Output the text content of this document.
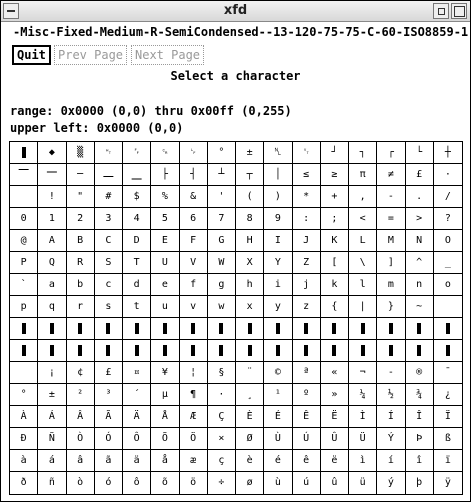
xfd
-Misc-Fixed-Medium-R-SemiCondensed--13-120-75-75-C-60-ISO8859-1
Quit	Prev Page Next Page
Select a character
range: 0x0000 (0,0) thru 0x00ff (0,255)
upper left: 0x0000 (0,0)
◆ ▒ ␉ ␌ ␍ ␊ ° ± ␤ ␋ ┘ ┐ ┌ └ ┼
⎺ ⎻ ─ ⎼ ⎽ ├ ┤ ┴ ┬ │ ≤ ≥ π ≠ £ ·
! " # $ % & ' ( ) * + , - . /
0 1 2 3 4 5 6 7 8 9 : ; < = > ?
@ A B C D E F G H I J K L M N O
P Q R S T U V W X Y Z [ \ ] ^ _
` a b c d e f g h i j k l m n o
p q r s t u v w x y z { | } ~
¡ ¢ £ ¤ ¥ ¦ § ¨ © ª « ¬ - ® ¯
° ± ² ³ ´ µ ¶ · ¸ ¹ º » ¼ ½ ¾ ¿
À Á Â Ã Ä Å Æ Ç È É Ê Ë Ì Í Î Ï
Ð Ñ Ò Ó Ô Õ Ö × Ø Ù Ú Û Ü Ý Þ ß
à á â ã ä å æ ç è é ê ë ì í î ï
ð ñ ò ó ô õ ö ÷ ø ù ú û ü ý þ ÿ
